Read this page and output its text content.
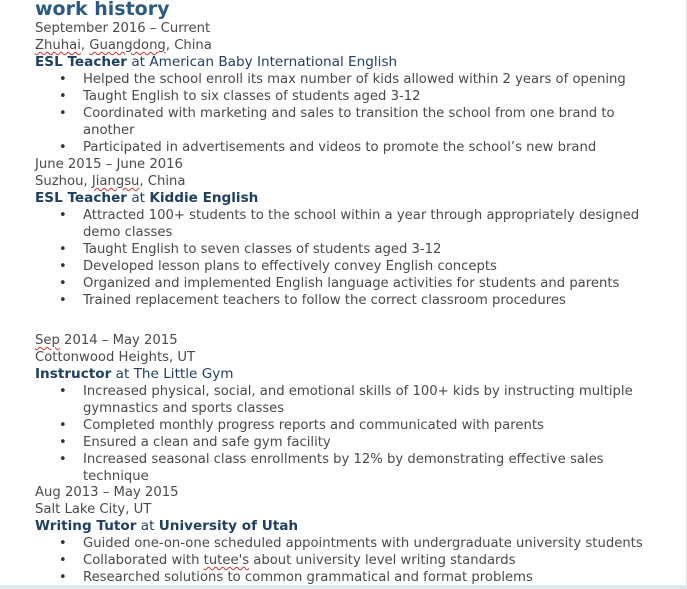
work history
September 2016 – Current
Zhuhai, Guangdong, China
ESL Teacher at American Baby International English
• Helped the school enroll its max number of kids allowed within 2 years of opening
• Taught English to six classes of students aged 3-12
• Coordinated with marketing and sales to transition the school from one brand to another
• Participated in advertisements and videos to promote the school’s new brand
June 2015 – June 2016
Suzhou, Jiangsu, China
ESL Teacher at Kiddie English
• Attracted 100+ students to the school within a year through appropriately designed demo classes
• Taught English to seven classes of students aged 3-12
• Developed lesson plans to effectively convey English concepts
• Organized and implemented English language activities for students and parents
• Trained replacement teachers to follow the correct classroom procedures
Sep 2014 – May 2015
Cottonwood Heights, UT
Instructor at The Little Gym
• Increased physical, social, and emotional skills of 100+ kids by instructing multiple gymnastics and sports classes
• Completed monthly progress reports and communicated with parents
• Ensured a clean and safe gym facility
• Increased seasonal class enrollments by 12% by demonstrating effective sales technique
Aug 2013 – May 2015
Salt Lake City, UT
Writing Tutor at University of Utah
• Guided one-on-one scheduled appointments with undergraduate university students
• Collaborated with tutee's about university level writing standards
• Researched solutions to common grammatical and format problems
